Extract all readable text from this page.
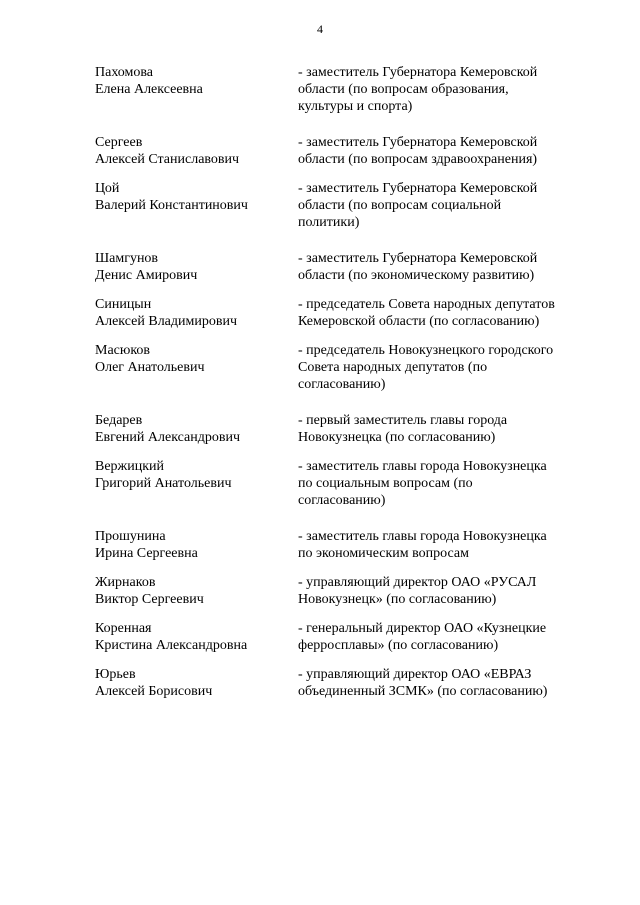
4
Пахомова
Елена Алексеевна
- заместитель Губернатора Кемеровской
области (по вопросам образования,
культуры и спорта)
Сергеев
Алексей Станиславович
- заместитель Губернатора Кемеровской
области (по вопросам здравоохранения)
Цой
Валерий Константинович
- заместитель Губернатора Кемеровской
области (по вопросам социальной
политики)
Шамгунов
Денис Амирович
- заместитель Губернатора Кемеровской
области (по экономическому развитию)
Синицын
Алексей Владимирович
- председатель Совета народных депутатов
Кемеровской области (по согласованию)
Масюков
Олег Анатольевич
- председатель Новокузнецкого городского
Совета народных депутатов (по
согласованию)
Бедарев
Евгений Александрович
- первый заместитель главы города
Новокузнецка (по согласованию)
Вержицкий
Григорий Анатольевич
- заместитель главы города Новокузнецка
по социальным вопросам (по
согласованию)
Прошунина
Ирина Сергеевна
- заместитель главы города Новокузнецка
по экономическим вопросам
Жирнаков
Виктор Сергеевич
- управляющий директор ОАО «РУСАЛ
Новокузнецк» (по согласованию)
Коренная
Кристина Александровна
- генеральный директор ОАО «Кузнецкие
ферросплавы» (по согласованию)
Юрьев
Алексей Борисович
- управляющий директор ОАО «ЕВРАЗ
объединенный ЗСМК» (по согласованию)
